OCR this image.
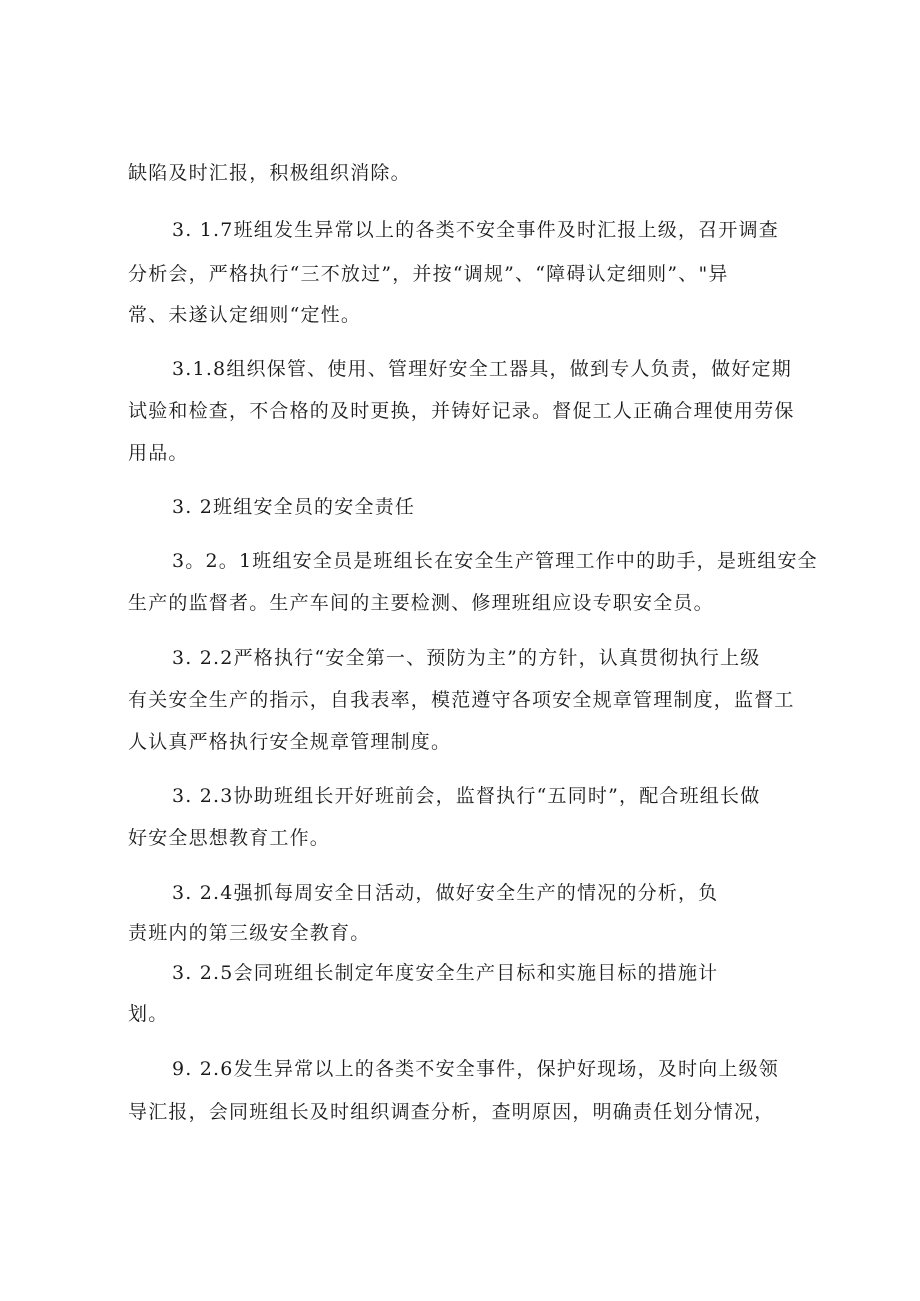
缺陷及时汇报，积极组织消除。
3. 1.7班组发生异常以上的各类不安全事件及时汇报上级，召开调查
分析会，严格执行“三不放过”，并按“调规”、“障碍认定细则”、"异
常、未遂认定细则“定性。
3.1.8组织保管、使用、管理好安全工器具，做到专人负责，做好定期
试验和检查，不合格的及时更换，并铸好记录。督促工人正确合理使用劳保
用品。
3. 2班组安全员的安全责任
3。2。1班组安全员是班组长在安全生产管理工作中的助手，是班组安全
生产的监督者。生产车间的主要检测、修理班组应设专职安全员。
3. 2.2严格执行“安全第一、预防为主”的方针，认真贯彻执行上级
有关安全生产的指示，自我表率，模范遵守各项安全规章管理制度，监督工
人认真严格执行安全规章管理制度。
3. 2.3协助班组长开好班前会，监督执行“五同时”，配合班组长做
好安全思想教育工作。
3. 2.4强抓每周安全日活动，做好安全生产的情况的分析，负
责班内的第三级安全教育。
3. 2.5会同班组长制定年度安全生产目标和实施目标的措施计
划。
9. 2.6发生异常以上的各类不安全事件，保护好现场，及时向上级领
导汇报，会同班组长及时组织调查分析，查明原因，明确责任划分情况，
